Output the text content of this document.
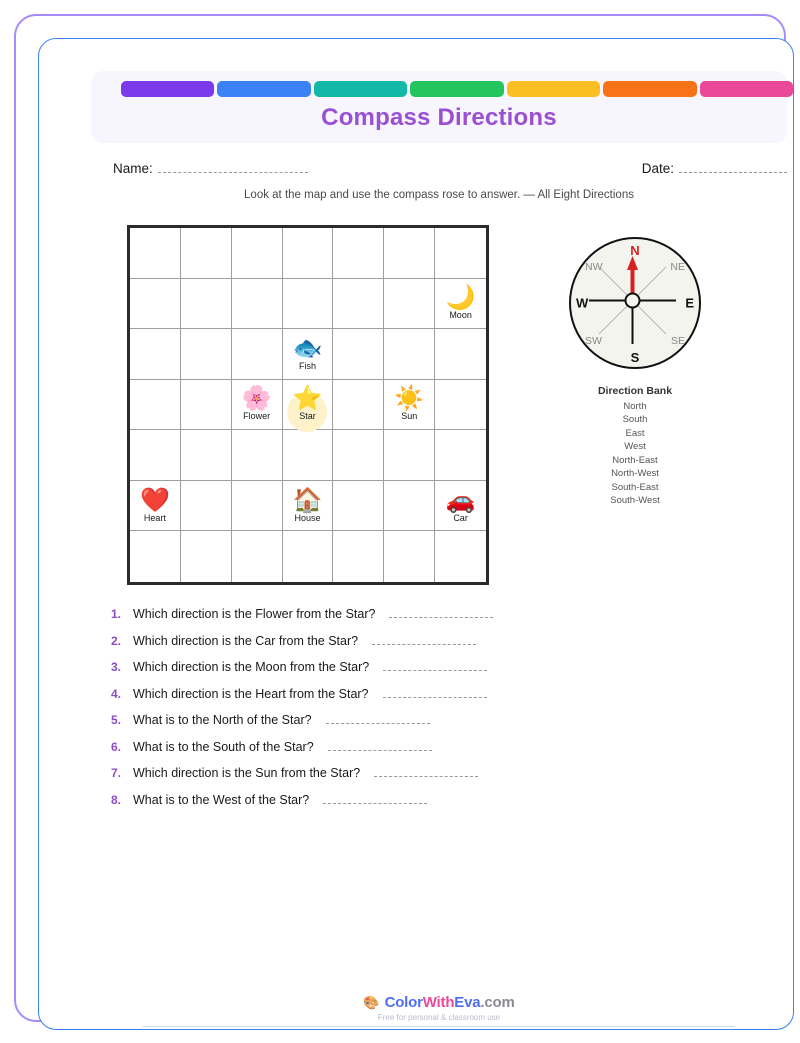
Compass Directions
Name:	Date:
Look at the map and use the compass rose to answer. — All Eight Directions
🌙
Moon
🐟
Fish
🌸
Flower
⭐
Star
☀️
Sun
❤️
Heart
🏠
House
🚗
Car
N
S
W	E
NW	NE
SW	SE
Direction Bank
North
South
East
West
North-East
North-West
South-East
South-West
1. Which direction is the Flower from the Star?
2. Which direction is the Car from the Star?
3. Which direction is the Moon from the Star?
4. Which direction is the Heart from the Star?
5. What is to the North of the Star?
6. What is to the South of the Star?
7. Which direction is the Sun from the Star?
8. What is to the West of the Star?
🎨 ColorWithEva.com
Free for personal & classroom use
